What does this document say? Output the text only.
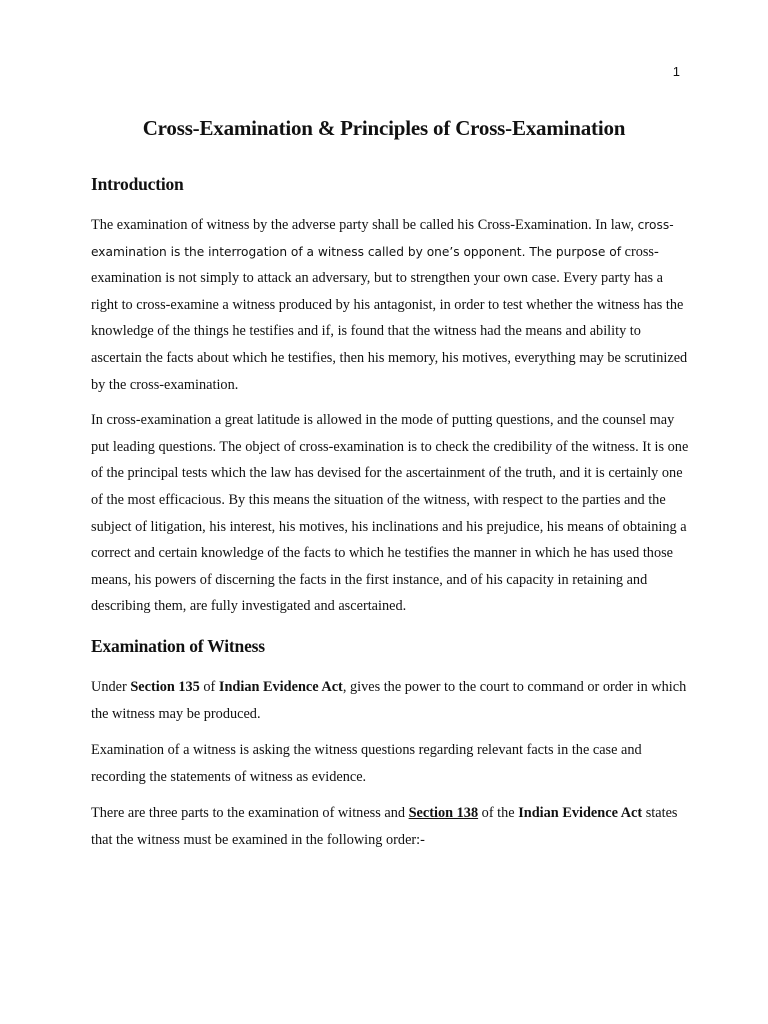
1
Cross-Examination & Principles of Cross-Examination
Introduction

The examination of witness by the adverse party shall be called his Cross-Examination. In law, cross-examination is the interrogation of a witness called by one’s opponent. The purpose of cross-examination is not simply to attack an adversary, but to strengthen your own case. Every party has a right to cross-examine a witness produced by his antagonist, in order to test whether the witness has the knowledge of the things he testifies and if, is found that the witness had the means and ability to ascertain the facts about which he testifies, then his memory, his motives, everything may be scrutinized by the cross-examination.

In cross-examination a great latitude is allowed in the mode of putting questions, and the counsel may put leading questions. The object of cross-examination is to check the credibility of the witness. It is one of the principal tests which the law has devised for the ascertainment of the truth, and it is certainly one of the most efficacious. By this means the situation of the witness, with respect to the parties and the subject of litigation, his interest, his motives, his inclinations and his prejudice, his means of obtaining a correct and certain knowledge of the facts to which he testifies the manner in which he has used those means, his powers of discerning the facts in the first instance, and of his capacity in retaining and describing them, are fully investigated and ascertained.

Examination of Witness

Under Section 135 of Indian Evidence Act, gives the power to the court to command or order in which the witness may be produced.

Examination of a witness is asking the witness questions regarding relevant facts in the case and recording the statements of witness as evidence.

There are three parts to the examination of witness and Section 138 of the Indian Evidence Act states that the witness must be examined in the following order:-
